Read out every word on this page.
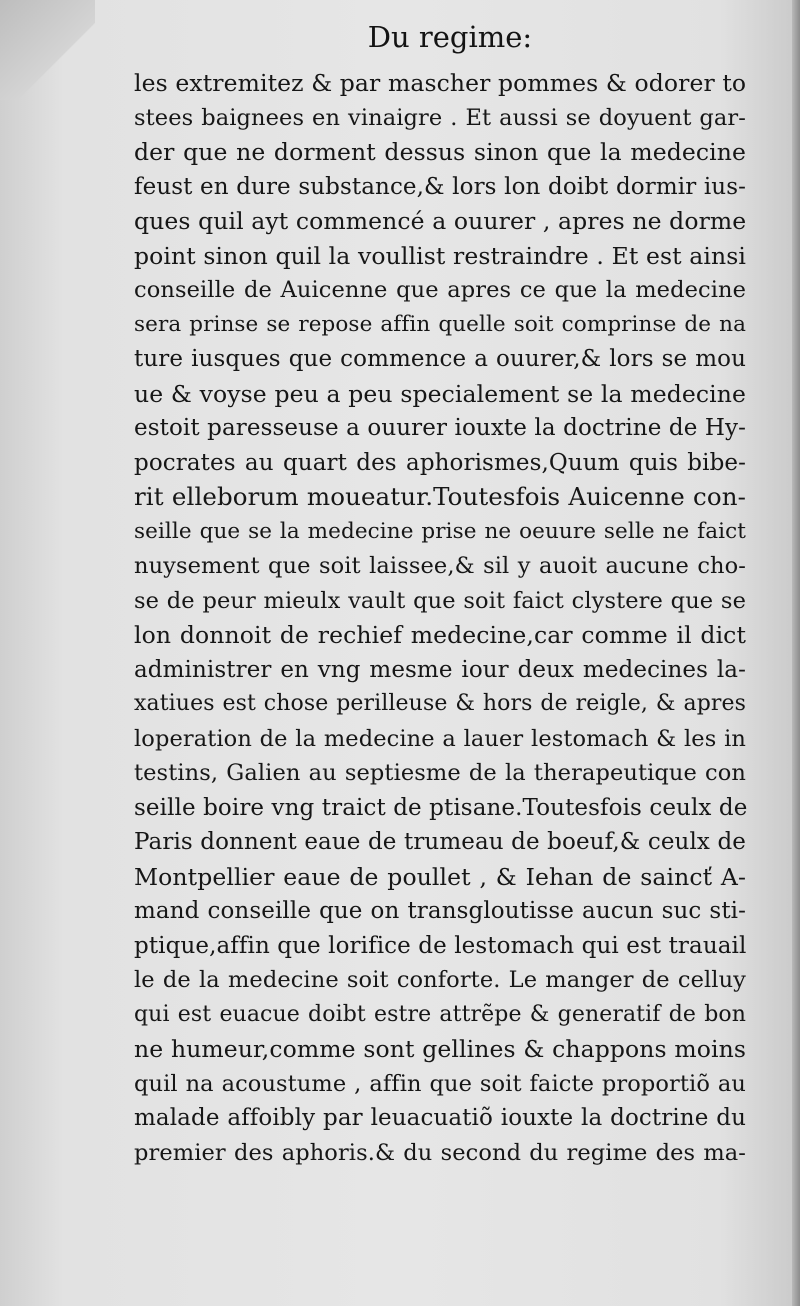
Du regime:
les extremitez & par mascher pommes & odorer to
stees baignees en vinaigre . Et aussi se doyuent gar-
der que ne dorment dessus sinon que la medecine
feust en dure substance,& lors lon doibt dormir ius-
ques quil ayt commencé a ouurer , apres ne dorme
point sinon quil la voullist restraindre . Et est ainsi
conseille de Auicenne que apres ce que la medecine
sera prinse se repose affin quelle soit comprinse de na
ture iusques que commence a ouurer,& lors se mou
ue & voyse peu a peu specialement se la medecine
estoit paresseuse a ouurer iouxte la doctrine de Hy-
pocrates au quart des aphorismes,Quum quis bibe-
rit elleborum moueatur.Toutesfois Auicenne con-
seille que se la medecine prise ne oeuure selle ne faict
nuysement que soit laissee,& sil y auoit aucune cho-
se de peur mieulx vault que soit faict clystere que se
lon donnoit de rechief medecine,car comme il dict
administrer en vng mesme iour deux medecines la-
xatiues est chose perilleuse & hors de reigle, & apres
loperation de la medecine a lauer lestomach & les in
testins, Galien au septiesme de la therapeutique con
seille boire vng traict de ptisane.Toutesfois ceulx de
Paris donnent eaue de trumeau de boeuf,& ceulx de
Montpellier eaue de poullet , & Iehan de saincť A-
mand conseille que on transgloutisse aucun suc sti-
ptique,affin que lorifice de lestomach qui est trauail
le de la medecine soit conforte. Le manger de celluy
qui est euacue doibt estre attrẽpe & generatif de bon
ne humeur,comme sont gellines & chappons moins
quil na acoustume , affin que soit faicte proportiõ au
malade affoibly par leuacuatiõ iouxte la doctrine du
premier des aphoris.& du second du regime des ma-
